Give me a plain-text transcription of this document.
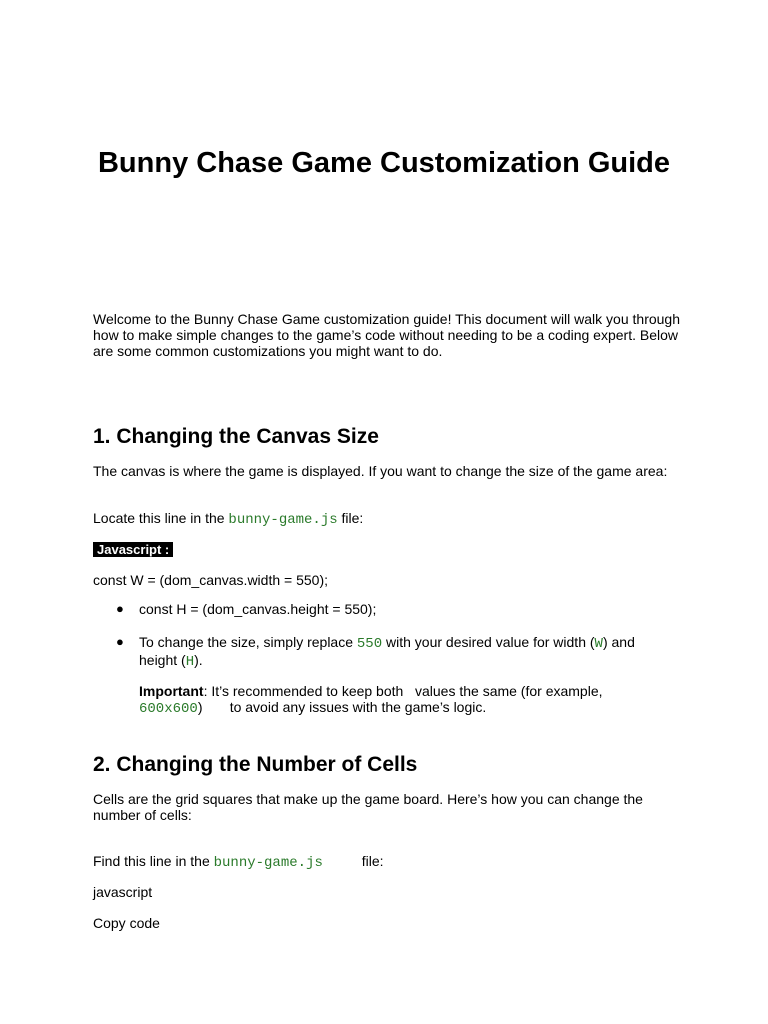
Bunny Chase Game Customization Guide

Welcome to the Bunny Chase Game customization guide! This document will walk you through how to make simple changes to the game’s code without needing to be a coding expert. Below are some common customizations you might want to do.

1. Changing the Canvas Size

The canvas is where the game is displayed. If you want to change the size of the game area:

Locate this line in the bunny-game.js file:

Javascript :

const W = (dom_canvas.width = 550);

● const H = (dom_canvas.height = 550);

● To change the size, simply replace 550 with your desired value for width (W) and

height (H).

Important: It’s recommended to keep both   values the same (for example,

600x600)       to avoid any issues with the game’s logic.

2. Changing the Number of Cells

Cells are the grid squares that make up the game board. Here’s how you can change the number of cells:

Find this line in the bunny-game.js	file:

javascript

Copy code
